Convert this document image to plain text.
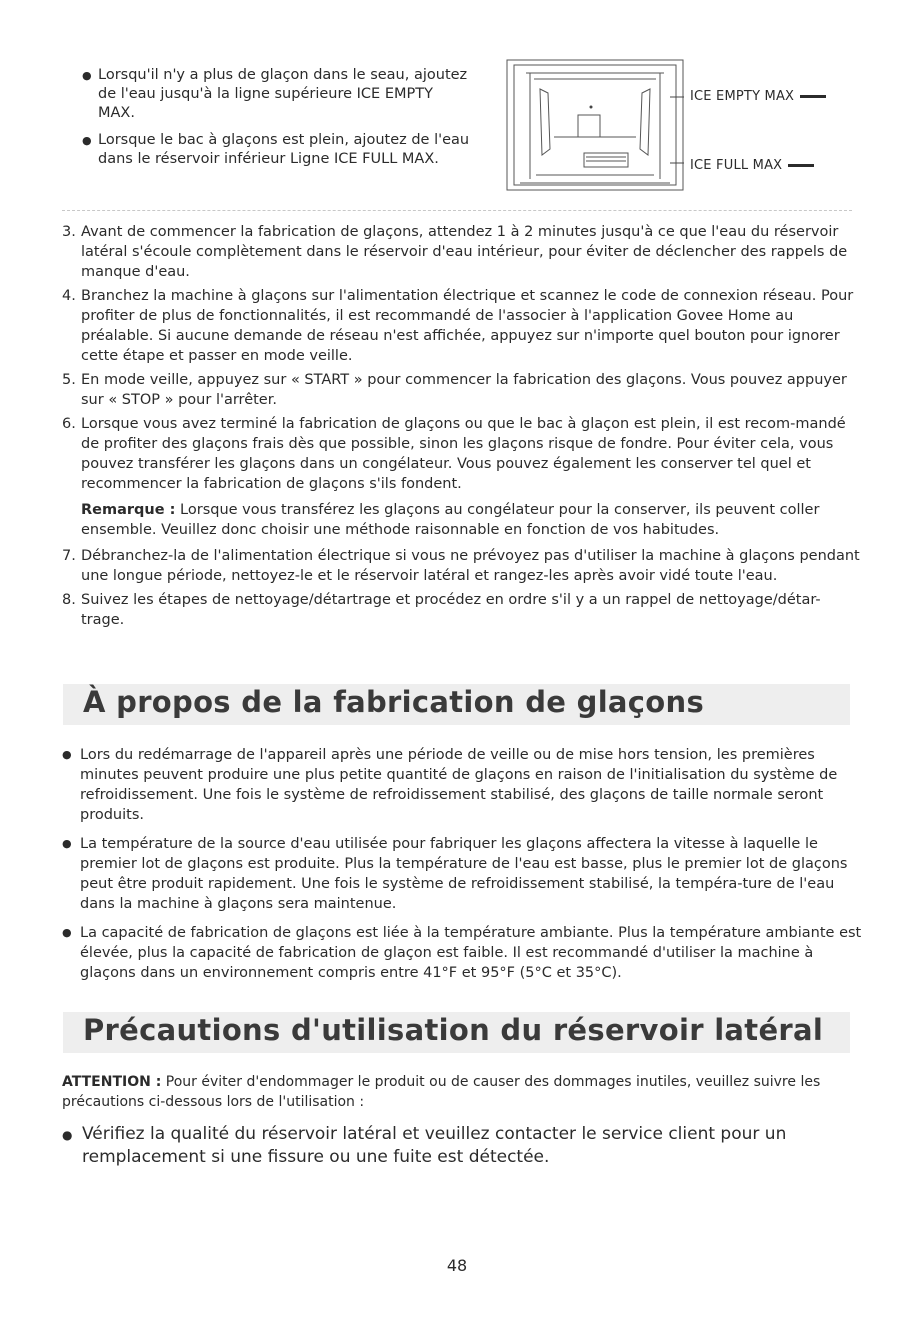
● Lorsqu'il n'y a plus de glaçon dans le seau, ajoutez de l'eau jusqu'à la ligne supérieure ICE EMPTY MAX.
● Lorsque le bac à glaçons est plein, ajoutez de l'eau dans le réservoir inférieur Ligne ICE FULL MAX.
ICE EMPTY MAX
ICE FULL MAX
3. Avant de commencer la fabrication de glaçons, attendez 1 à 2 minutes jusqu'à ce que l'eau du réservoir latéral s'écoule complètement dans le réservoir d'eau intérieur, pour éviter de déclencher des rappels de manque d'eau.
4. Branchez la machine à glaçons sur l'alimentation électrique et scannez le code de connexion réseau. Pour profiter de plus de fonctionnalités, il est recommandé de l'associer à l'application Govee Home au préalable. Si aucune demande de réseau n'est affichée, appuyez sur n'importe quel bouton pour ignorer cette étape et passer en mode veille.
5. En mode veille, appuyez sur « START » pour commencer la fabrication des glaçons. Vous pouvez appuyer sur « STOP » pour l'arrêter.
6. Lorsque vous avez terminé la fabrication de glaçons ou que le bac à glaçon est plein, il est recom-mandé de profiter des glaçons frais dès que possible, sinon les glaçons risque de fondre. Pour éviter cela, vous pouvez transférer les glaçons dans un congélateur. Vous pouvez également les conserver tel quel et recommencer la fabrication de glaçons s'ils fondent.
Remarque : Lorsque vous transférez les glaçons au congélateur pour la conserver, ils peuvent coller ensemble. Veuillez donc choisir une méthode raisonnable en fonction de vos habitudes.
7. Débranchez-la de l'alimentation électrique si vous ne prévoyez pas d'utiliser la machine à glaçons pendant une longue période, nettoyez-le et le réservoir latéral et rangez-les après avoir vidé toute l'eau.
8. Suivez les étapes de nettoyage/détartrage et procédez en ordre s'il y a un rappel de nettoyage/détar-trage.
À propos de la fabrication de glaçons
● Lors du redémarrage de l'appareil après une période de veille ou de mise hors tension, les premières minutes peuvent produire une plus petite quantité de glaçons en raison de l'initialisation du système de refroidissement. Une fois le système de refroidissement stabilisé, des glaçons de taille normale seront produits.
● La température de la source d'eau utilisée pour fabriquer les glaçons affectera la vitesse à laquelle le premier lot de glaçons est produite. Plus la température de l'eau est basse, plus le premier lot de glaçons peut être produit rapidement. Une fois le système de refroidissement stabilisé, la tempéra-ture de l'eau dans la machine à glaçons sera maintenue.
● La capacité de fabrication de glaçons est liée à la température ambiante. Plus la température ambiante est élevée, plus la capacité de fabrication de glaçon est faible. Il est recommandé d'utiliser la machine à glaçons dans un environnement compris entre 41°F et 95°F (5°C et 35°C).
Précautions d'utilisation du réservoir latéral
ATTENTION : Pour éviter d'endommager le produit ou de causer des dommages inutiles, veuillez suivre les précautions ci-dessous lors de l'utilisation :
● Vérifiez la qualité du réservoir latéral et veuillez contacter le service client pour un remplacement si une fissure ou une fuite est détectée.
48
